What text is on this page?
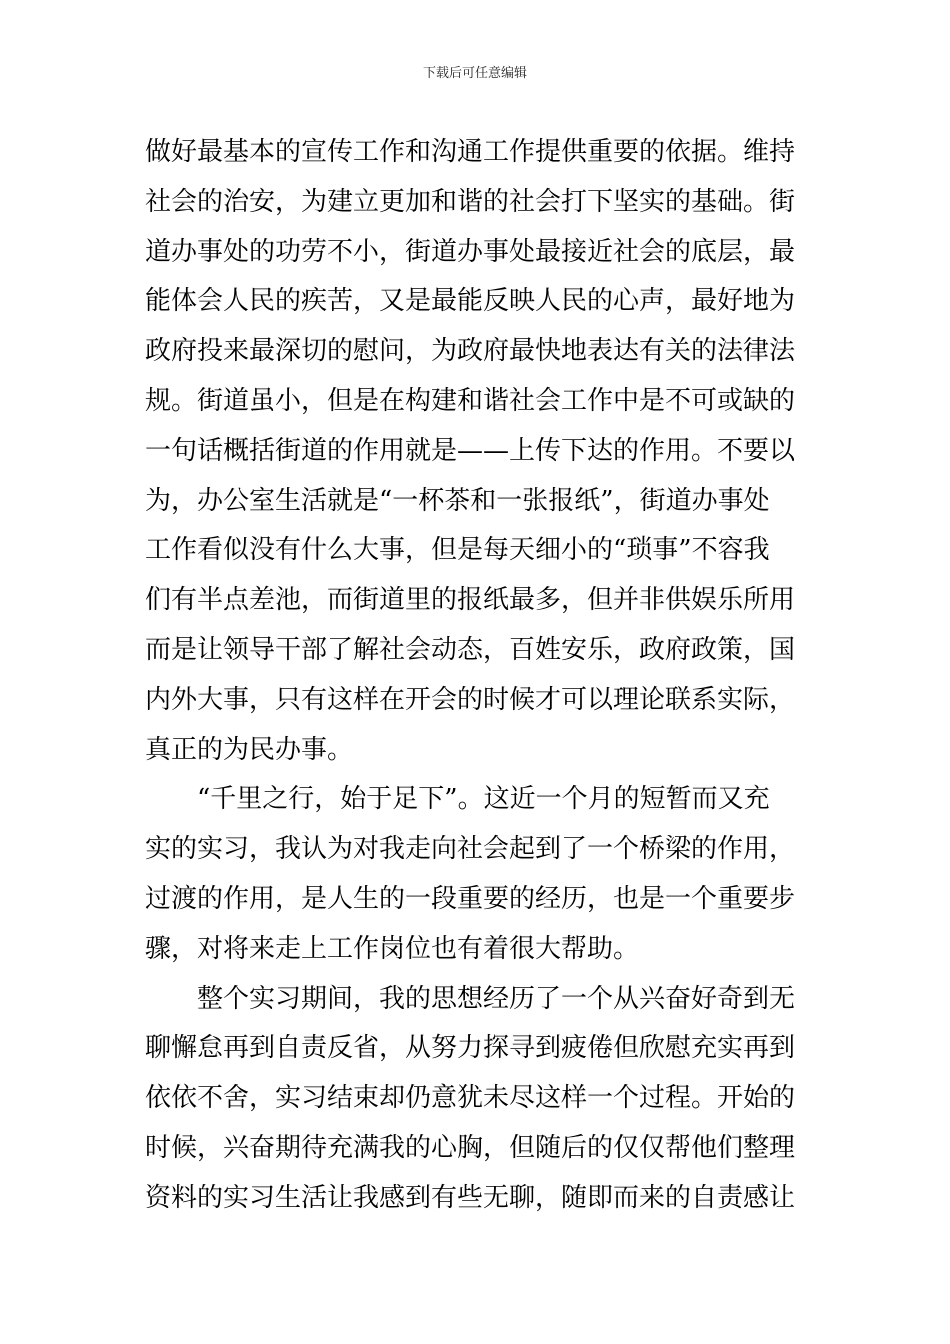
下载后可任意编辑
做好最基本的宣传工作和沟通工作提供重要的依据。维持
社会的治安，为建立更加和谐的社会打下坚实的基础。街
道办事处的功劳不小，街道办事处最接近社会的底层，最
能体会人民的疾苦，又是最能反映人民的心声，最好地为
政府投来最深切的慰问，为政府最快地表达有关的法律法
规。街道虽小，但是在构建和谐社会工作中是不可或缺的
一句话概括街道的作用就是——上传下达的作用。不要以
为，办公室生活就是“一杯茶和一张报纸”，街道办事处
工作看似没有什么大事，但是每天细小的“琐事”不容我
们有半点差池，而街道里的报纸最多，但并非供娱乐所用
而是让领导干部了解社会动态，百姓安乐，政府政策，国
内外大事，只有这样在开会的时候才可以理论联系实际，
真正的为民办事。
　　“千里之行，始于足下”。这近一个月的短暂而又充
实的实习，我认为对我走向社会起到了一个桥梁的作用，
过渡的作用，是人生的一段重要的经历，也是一个重要步
骤，对将来走上工作岗位也有着很大帮助。
　　整个实习期间，我的思想经历了一个从兴奋好奇到无
聊懈怠再到自责反省，从努力探寻到疲倦但欣慰充实再到
依依不舍，实习结束却仍意犹未尽这样一个过程。开始的
时候，兴奋期待充满我的心胸，但随后的仅仅帮他们整理
资料的实习生活让我感到有些无聊，随即而来的自责感让
